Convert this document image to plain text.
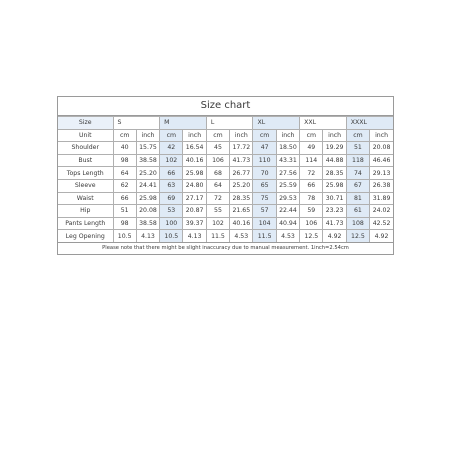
Size chart
Size	S		M		L		XL		XXL		XXXL	
Unit	cm	inch	cm	inch	cm	inch	cm	inch	cm	inch	cm	inch
Shoulder	40	15.75	42	16.54	45	17.72	47	18.50	49	19.29	51	20.08
Bust	98	38.58	102	40.16	106	41.73	110	43.31	114	44.88	118	46.46
Tops Length	64	25.20	66	25.98	68	26.77	70	27.56	72	28.35	74	29.13
Sleeve	62	24.41	63	24.80	64	25.20	65	25.59	66	25.98	67	26.38
Waist	66	25.98	69	27.17	72	28.35	75	29.53	78	30.71	81	31.89
Hip	51	20.08	53	20.87	55	21.65	57	22.44	59	23.23	61	24.02
Pants Length	98	38.58	100	39.37	102	40.16	104	40.94	106	41.73	108	42.52
Leg Opening	10.5	4.13	10.5	4.13	11.5	4.53	11.5	4.53	12.5	4.92	12.5	4.92
Please note that there might be slight inaccuracy due to manual measurement. 1inch=2.54cm
